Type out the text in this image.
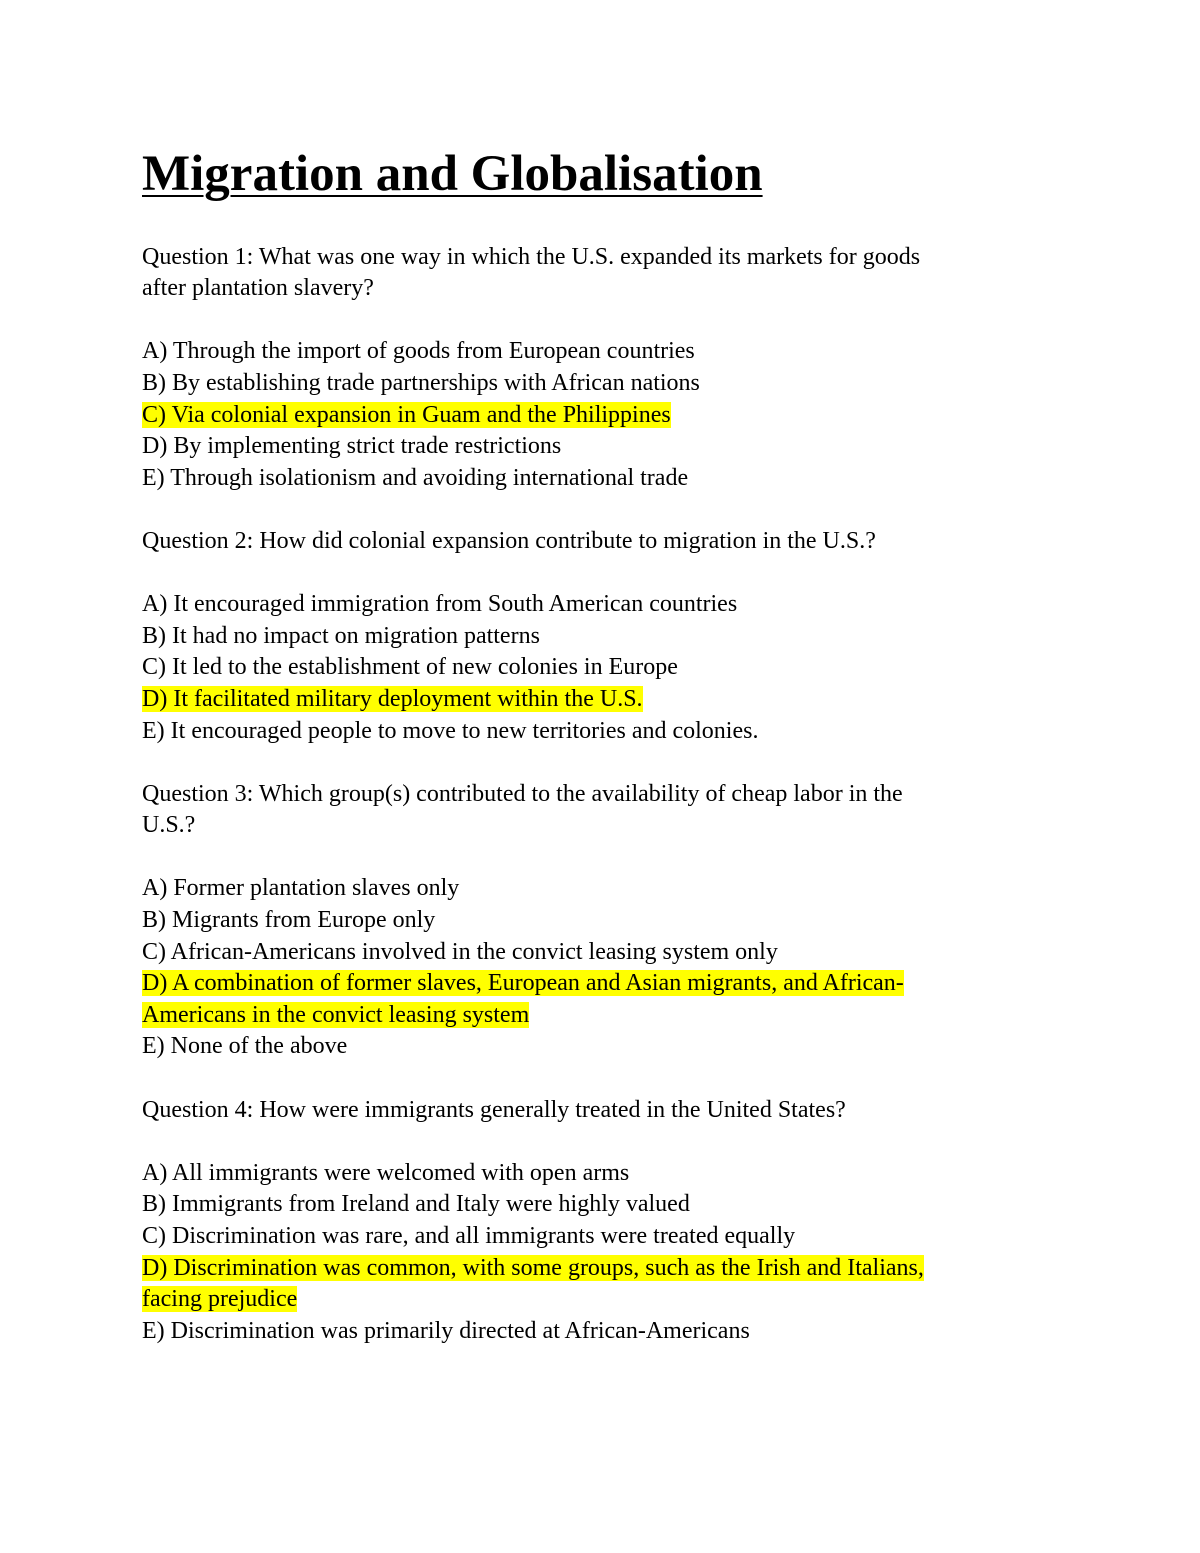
Migration and Globalisation
Question 1: What was one way in which the U.S. expanded its markets for goods
after plantation slavery?
A) Through the import of goods from European countries
B) By establishing trade partnerships with African nations
C) Via colonial expansion in Guam and the Philippines
D) By implementing strict trade restrictions
E) Through isolationism and avoiding international trade
Question 2: How did colonial expansion contribute to migration in the U.S.?
A) It encouraged immigration from South American countries
B) It had no impact on migration patterns
C) It led to the establishment of new colonies in Europe
D) It facilitated military deployment within the U.S.
E) It encouraged people to move to new territories and colonies.
Question 3: Which group(s) contributed to the availability of cheap labor in the
U.S.?
A) Former plantation slaves only
B) Migrants from Europe only
C) African-Americans involved in the convict leasing system only
D) A combination of former slaves, European and Asian migrants, and African-
Americans in the convict leasing system
E) None of the above
Question 4: How were immigrants generally treated in the United States?
A) All immigrants were welcomed with open arms
B) Immigrants from Ireland and Italy were highly valued
C) Discrimination was rare, and all immigrants were treated equally
D) Discrimination was common, with some groups, such as the Irish and Italians,
facing prejudice
E) Discrimination was primarily directed at African-Americans
